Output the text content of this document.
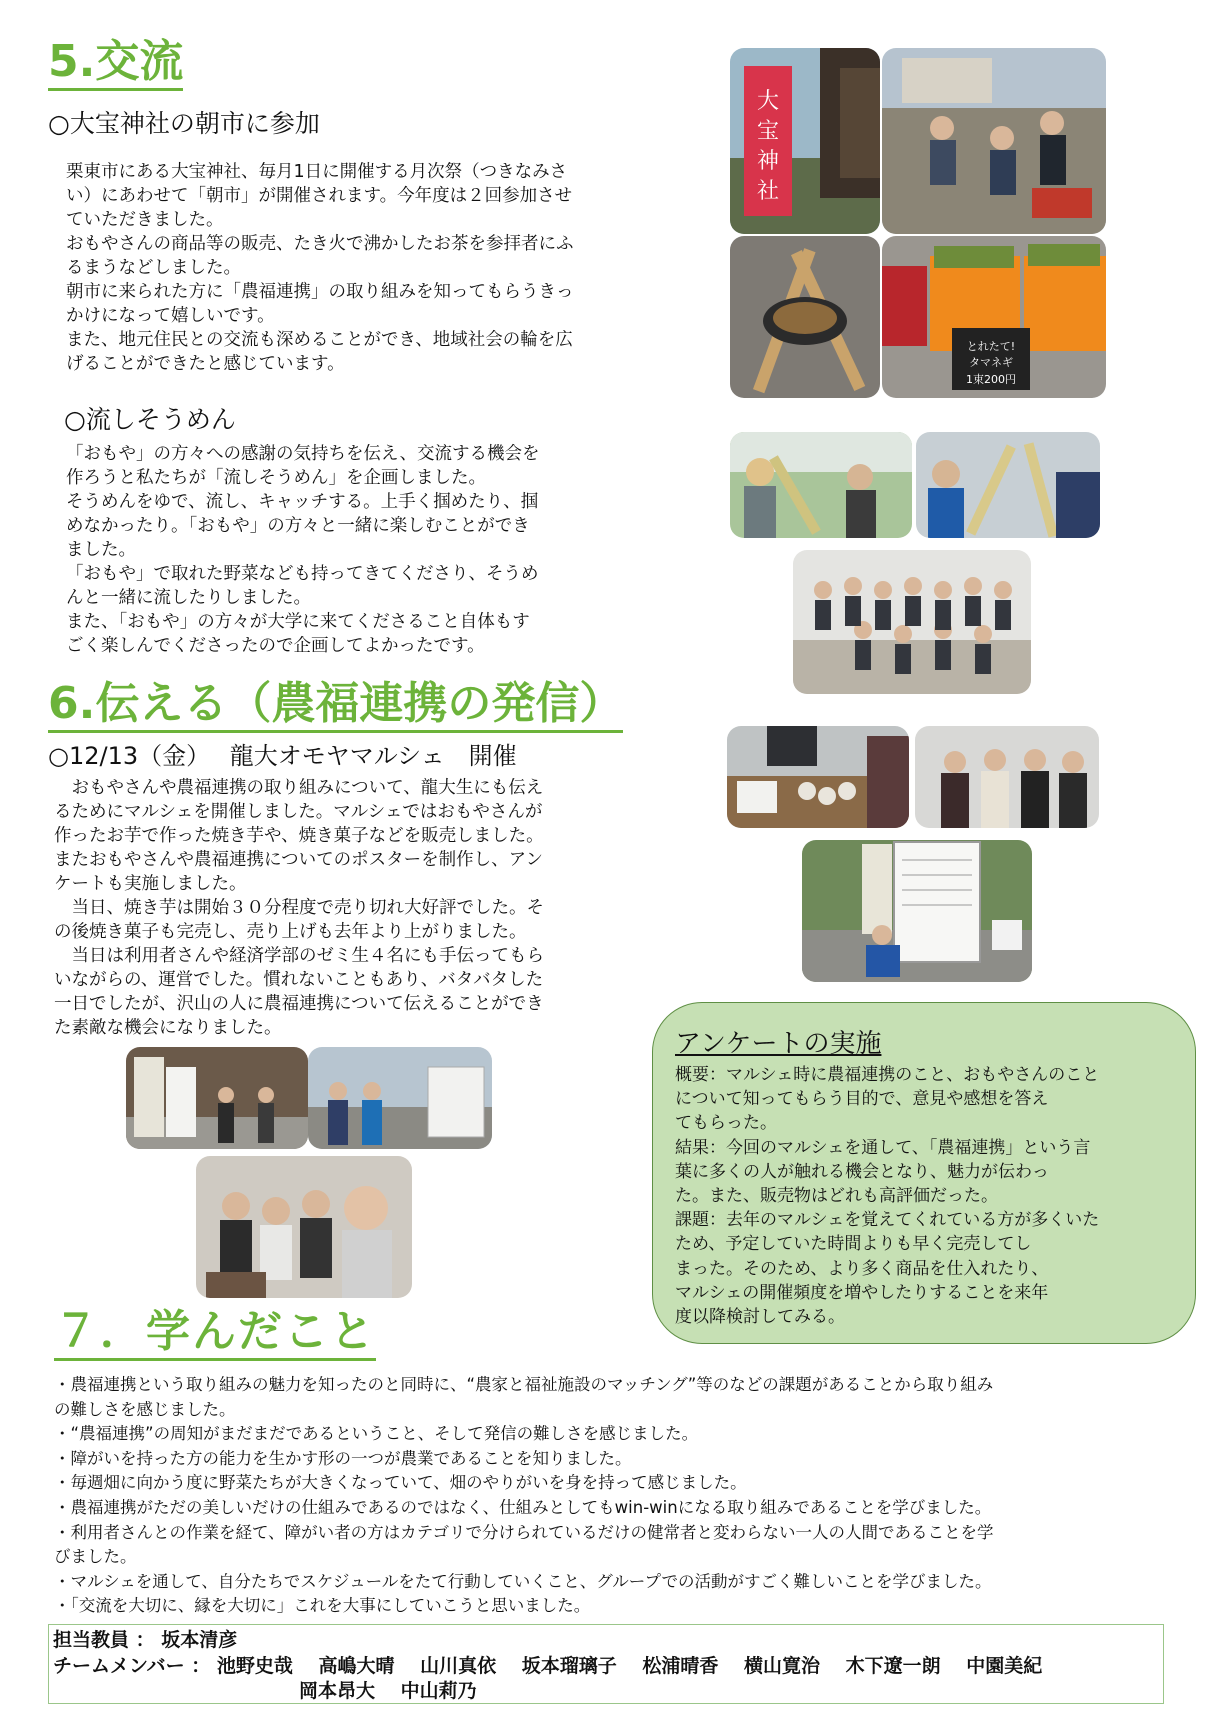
5.交流
○大宝神社の朝市に参加

栗東市にある大宝神社、毎月1日に開催する月次祭（つきなみさ

い）にあわせて「朝市」が開催されます。今年度は２回参加させ

ていただきました。

おもやさんの商品等の販売、たき火で沸かしたお茶を参拝者にふ

るまうなどしました。

朝市に来られた方に「農福連携」の取り組みを知ってもらうきっ

かけになって嬉しいです。

また、地元住民との交流も深めることができ、地域社会の輪を広

げることができたと感じています。

○流しそうめん

「おもや」の方々への感謝の気持ちを伝え、交流する機会を

作ろうと私たちが「流しそうめん」を企画しました。

そうめんをゆで、流し、キャッチする。上手く掴めたり、掴

めなかったり。「おもや」の方々と一緒に楽しむことができ

ました。

「おもや」で取れた野菜なども持ってきてくださり、そうめ

んと一緒に流したりしました。

また、「おもや」の方々が大学に来てくださること自体もす

ごく楽しんでくださったので企画してよかったです。

6.伝える（農福連携の発信）
○12/13（金）　 龍大オモヤマルシェ　開催

　おもやさんや農福連携の取り組みについて、龍大生にも伝え

るためにマルシェを開催しました。マルシェではおもやさんが

作ったお芋で作った焼き芋や、焼き菓子などを販売しました。

またおもやさんや農福連携についてのポスターを制作し、アン

ケートも実施しました。

　当日、焼き芋は開始３０分程度で売り切れ大好評でした。そ

の後焼き菓子も完売し、売り上げも去年より上がりました。

　当日は利用者さんや経済学部のゼミ生４名にも手伝ってもら

いながらの、運営でした。慣れないこともあり、バタバタした

一日でしたが、沢山の人に農福連携について伝えることができ

た素敵な機会になりました。

大
宝
神
社
とれたて!
タマネギ
1束200円
アンケートの実施

概要：マルシェ時に農福連携のこと、おもやさんのこと

について知ってもらう目的で、意見や感想を答え

てもらった。

結果：今回のマルシェを通して、「農福連携」という言

葉に多くの人が触れる機会となり、魅力が伝わっ

た。また、販売物はどれも高評価だった。

課題：去年のマルシェを覚えてくれている方が多くいた

ため、予定していた時間よりも早く完売してし

まった。そのため、より多く商品を仕入れたり、

マルシェの開催頻度を増やしたりすることを来年

度以降検討してみる。

７．学んだこと

・農福連携という取り組みの魅力を知ったのと同時に、“農家と福祉施設のマッチング”等のなどの課題があることから取り組み

の難しさを感じました。

・“農福連携”の周知がまだまだであるということ、そして発信の難しさを感じました。

・障がいを持った方の能力を生かす形の一つが農業であることを知りました。

・毎週畑に向かう度に野菜たちが大きくなっていて、畑のやりがいを身を持って感じました。

・農福連携がただの美しいだけの仕組みであるのではなく、仕組みとしてもwin-winになる取り組みであることを学びました。

・利用者さんとの作業を経て、障がい者の方はカテゴリで分けられているだけの健常者と変わらない一人の人間であることを学

びました。

・マルシェを通して、自分たちでスケジュールをたて行動していくこと、グループでの活動がすごく難しいことを学びました。

・「交流を大切に、縁を大切に」これを大事にしていこうと思いました。

担当教員 ： 坂本清彦
チームメンバー ： 池野史哉　 高嶋大晴　 山川真依　 坂本瑠璃子　 松浦晴香　 横山寛治　 木下遼一朗　 中園美紀
岡本昂大　 中山莉乃
